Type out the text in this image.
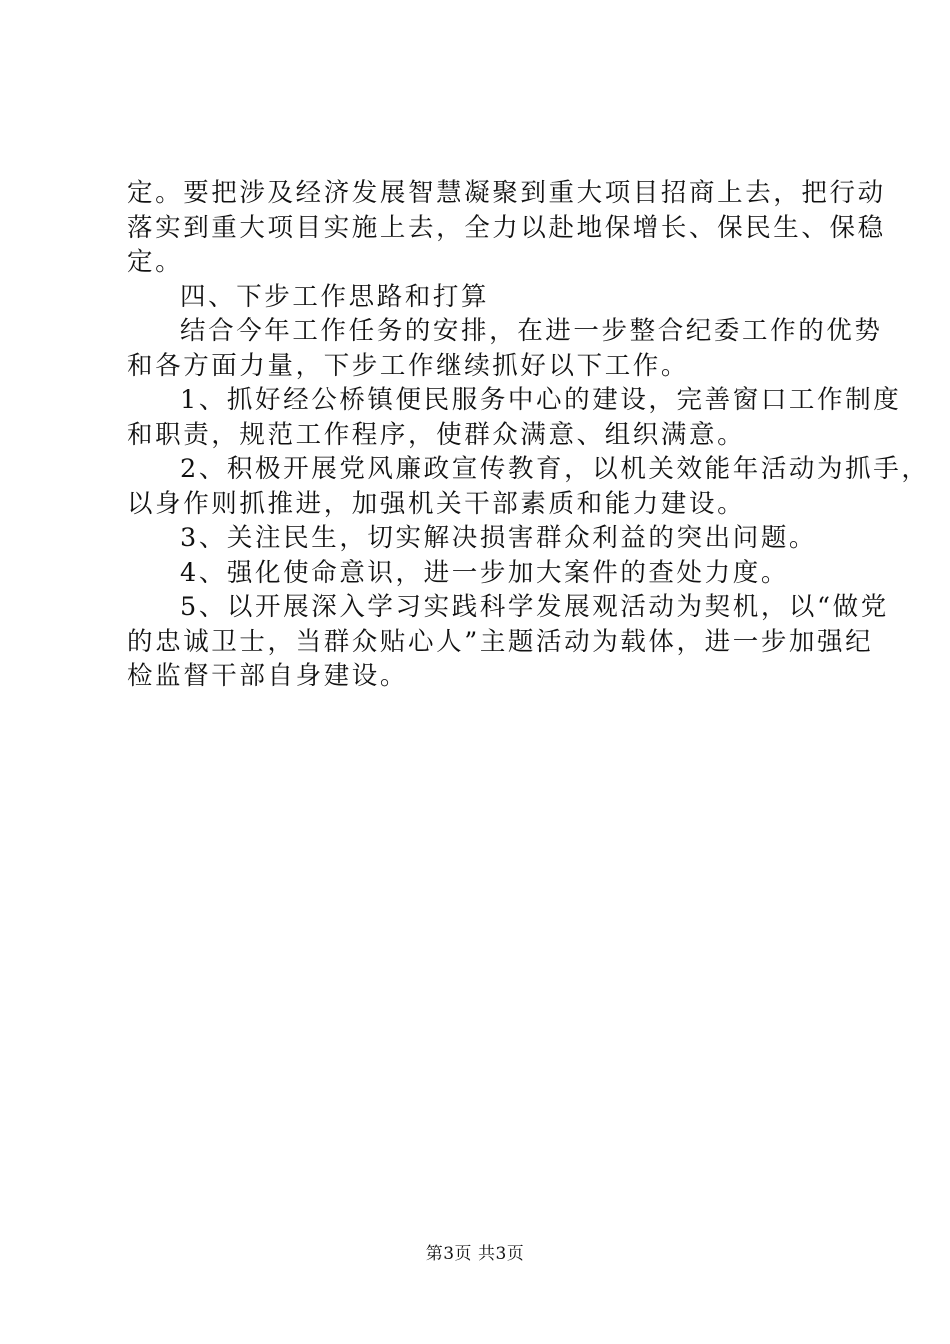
定。要把涉及经济发展智慧凝聚到重大项目招商上去，把行动
落实到重大项目实施上去，全力以赴地保增长、保民生、保稳
定。
四、下步工作思路和打算
结合今年工作任务的安排，在进一步整合纪委工作的优势
和各方面力量，下步工作继续抓好以下工作。
1、抓好经公桥镇便民服务中心的建设，完善窗口工作制度
和职责，规范工作程序，使群众满意、组织满意。
2、积极开展党风廉政宣传教育，以机关效能年活动为抓手，
以身作则抓推进，加强机关干部素质和能力建设。
3、关注民生，切实解决损害群众利益的突出问题。
4、强化使命意识，进一步加大案件的查处力度。
5、以开展深入学习实践科学发展观活动为契机，以“做党
的忠诚卫士，当群众贴心人”主题活动为载体，进一步加强纪
检监督干部自身建设。
第3页 共3页
